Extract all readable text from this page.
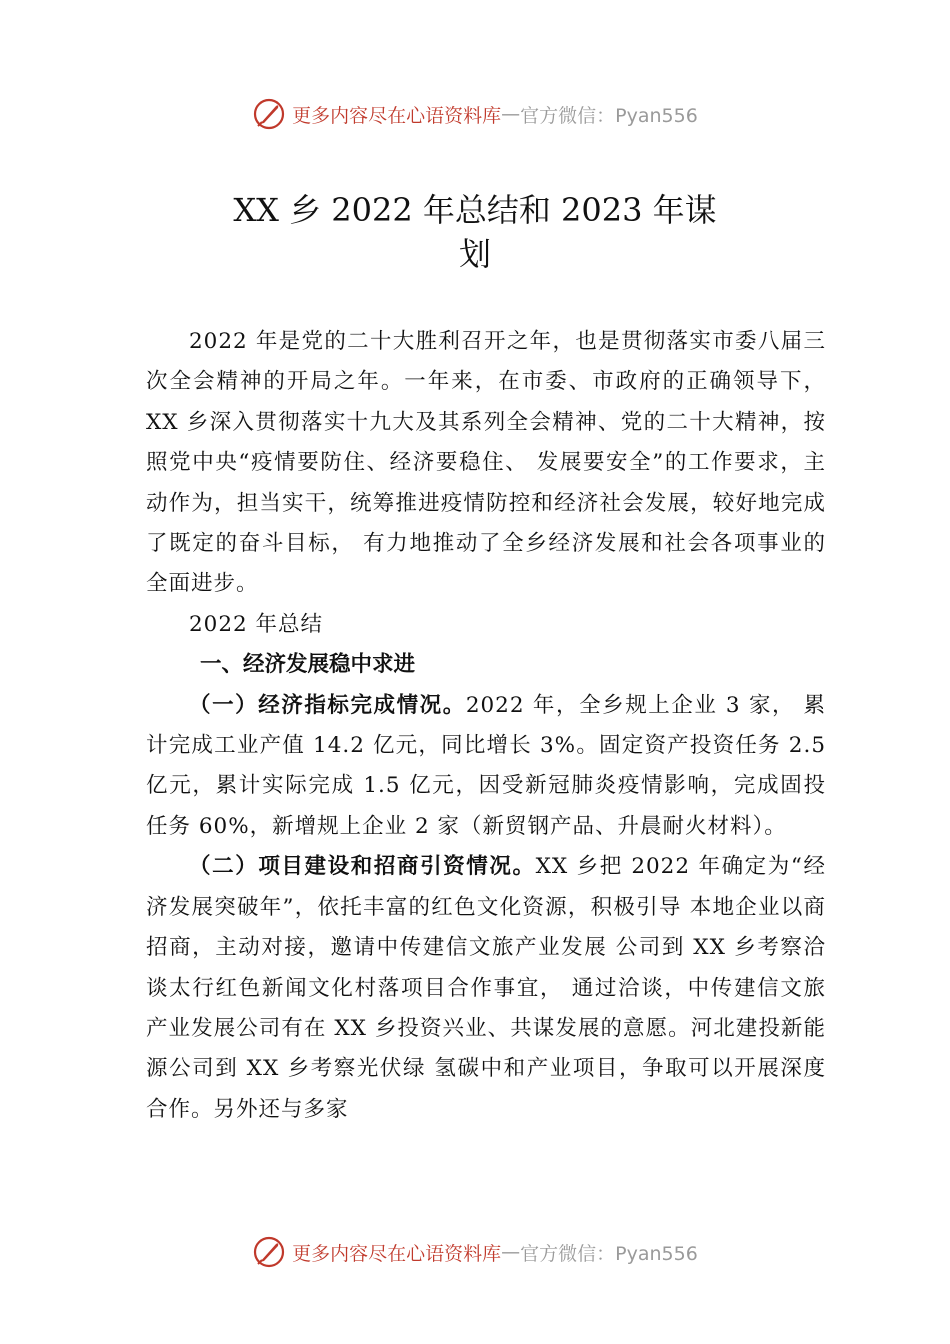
更多内容尽在心语资料库 — 官方微信：Pyan556
XX 乡 2022 年总结和 2023 年谋
划

2022 年是党的二十大胜利召开之年，也是贯彻落实市委八届三次全会精神的开局之年。一年来，在市委、市政府的正确领导下，XX 乡深入贯彻落实十九大及其系列全会精神、党的二十大精神，按照党中央“疫情要防住、经济要稳住、 发展要安全”的工作要求，主动作为，担当实干，统筹推进疫情防控和经济社会发展，较好地完成了既定的奋斗目标， 有力地推动了全乡经济发展和社会各项事业的全面进步。

2022 年总结

一、经济发展稳中求进

（一）经济指标完成情况。2022 年，全乡规上企业 3 家， 累计完成工业产值 14.2 亿元，同比增长 3%。固定资产投资任务 2.5 亿元，累计实际完成 1.5 亿元，因受新冠肺炎疫情影响，完成固投任务 60%，新增规上企业 2 家（新贸钢产品、升晨耐火材料）。

（二）项目建设和招商引资情况。XX 乡把 2022 年确定为“经济发展突破年”，依托丰富的红色文化资源，积极引导 本地企业以商招商，主动对接，邀请中传建信文旅产业发展 公司到 XX 乡考察洽谈太行红色新闻文化村落项目合作事宜， 通过洽谈，中传建信文旅产业发展公司有在 XX 乡投资兴业、共谋发展的意愿。河北建投新能源公司到 XX 乡考察光伏绿 氢碳中和产业项目，争取可以开展深度合作。另外还与多家

更多内容尽在心语资料库 — 官方微信：Pyan556
